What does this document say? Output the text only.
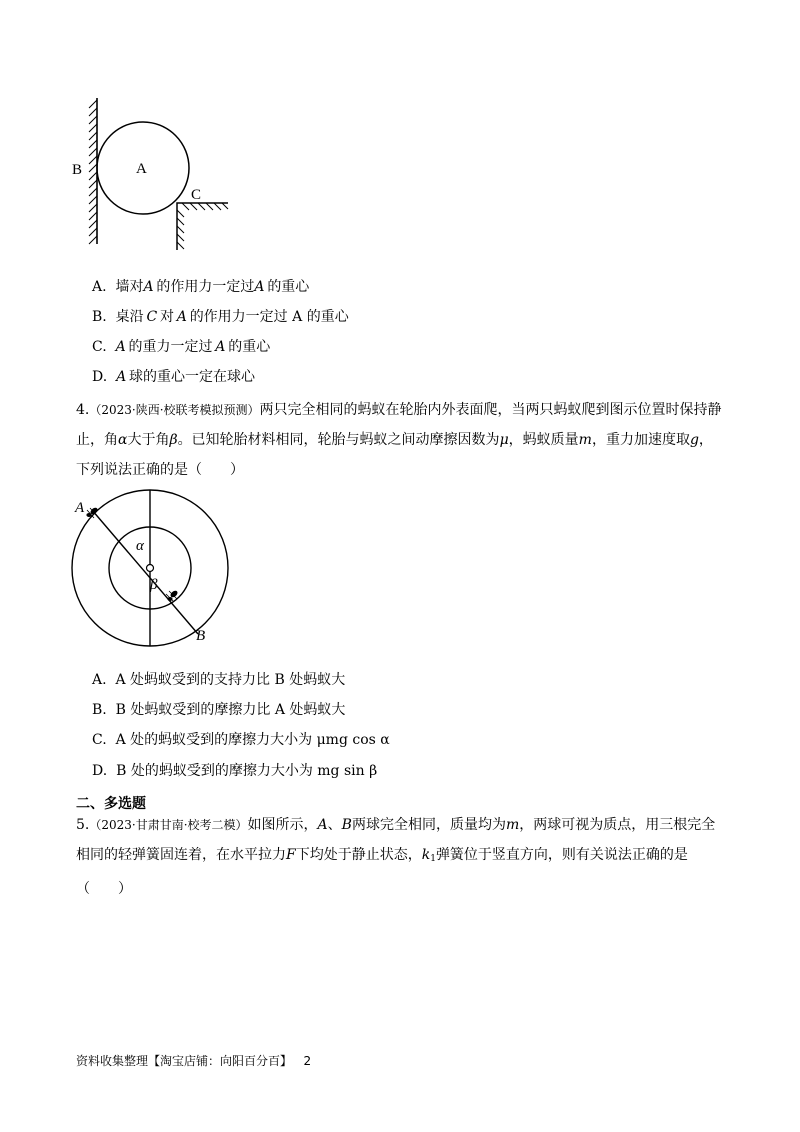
A
B
C
A. 墙对A  的作用力一定过A  的重心
B. 桌沿  C  对  A  的作用力一定过 A 的重心
C. A  的重力一定过  A  的重心
D. A  球的重心一定在球心
4.（2023·陕西·校联考模拟预测）两只完全相同的蚂蚁在轮胎内外表面爬，当两只蚂蚁爬到图示位置时保持静止，角α大于角β。已知轮胎材料相同，轮胎与蚂蚁之间动摩擦因数为μ，蚂蚁质量m，重力加速度取g，下列说法正确的是（　　）
A
B
α
β
A. A 处蚂蚁受到的支持力比 B 处蚂蚁大
B. B 处蚂蚁受到的摩擦力比 A 处蚂蚁大
C. A 处的蚂蚁受到的摩擦力大小为 μmg cos α
D. B 处的蚂蚁受到的摩擦力大小为 mg sin β
二、多选题
5.（2023·甘肃甘南·校考二模）如图所示，A、B两球完全相同，质量均为m，两球可视为质点，用三根完全相同的轻弹簧固连着，在水平拉力F下均处于静止状态，$k_1$弹簧位于竖直方向，则有关说法正确的是（　　）
资料收集整理【淘宝店铺：向阳百分百】 2
